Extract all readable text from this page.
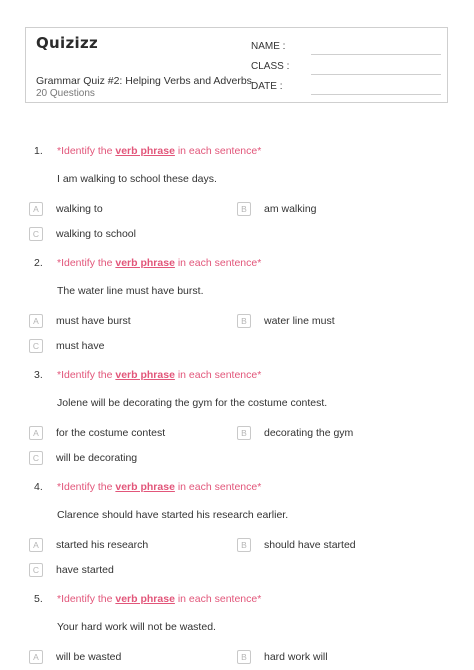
Quizizz
Grammar Quiz #2: Helping Verbs and Adverbs
20 Questions
NAME :
CLASS :
DATE :
1. *Identify the verb phrase in each sentence*
I am walking to school these days.
A	walking to	B	am walking
C	walking to school
2. *Identify the verb phrase in each sentence*
The water line must have burst.
A	must have burst	B	water line must
C	must have
3. *Identify the verb phrase in each sentence*
Jolene will be decorating the gym for the costume contest.
A	for the costume contest	B	decorating the gym
C	will be decorating
4. *Identify the verb phrase in each sentence*
Clarence should have started his research earlier.
A	started his research	B	should have started
C	have started
5. *Identify the verb phrase in each sentence*
Your hard work will not be wasted.
A	will be wasted	B	hard work will
